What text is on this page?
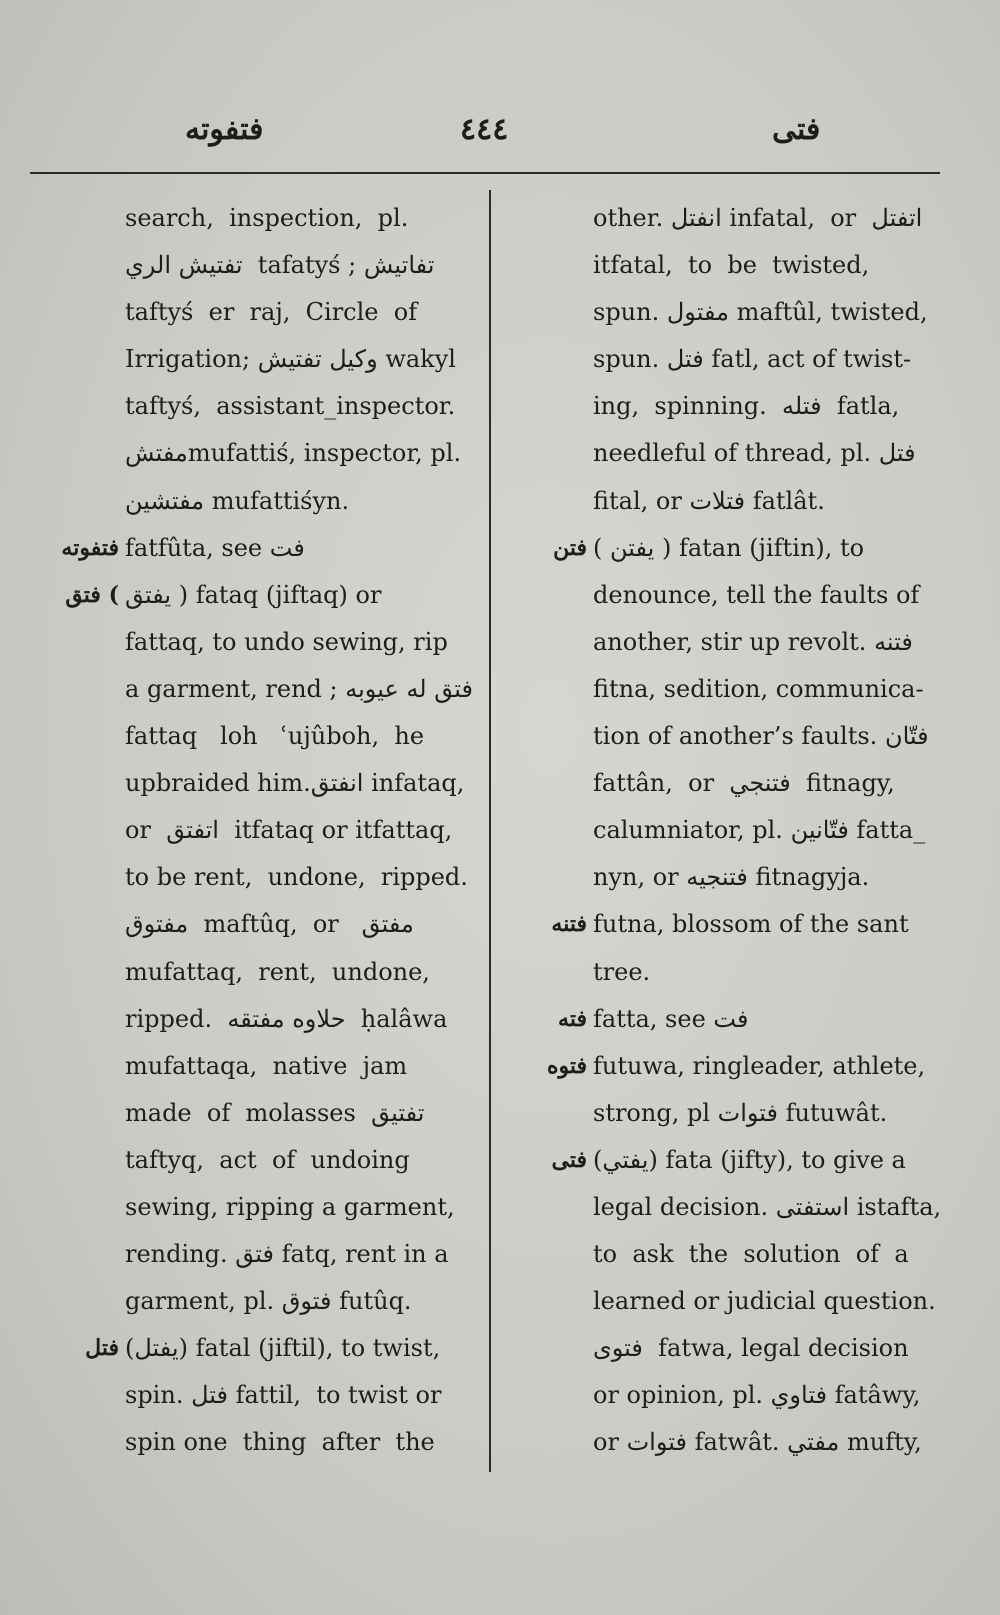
فتفوته	٤٤٤	فتى
search,  inspection,  pl.
تفتيش الري  tafatyś ; تفاتيش
taftyś  er  raj,  Circle  of
Irrigation; وكيل تفتيش wakyl
taftyś,  assistant_inspector.
مفتشmufattiś, inspector, pl.
مفتشين mufattiśyn.
فتفوته fatfûta, see فت
فتق ( يفتق ) fataq (jiftaq) or
fattaq, to undo sewing, rip
a garment, rend ; فتق له عيوبه
fattaq   loh   ʿujûboh,  he
upbraided him.انفتق infataq,
or  اتفتق  itfataq or itfattaq,
to be rent,  undone,  ripped.
مفتوق  maftûq,  or   مفتق
mufattaq,  rent,  undone,
ripped.  حلاوه مفتقه  ḥalâwa
mufattaqa,  native  jam
made  of  molasses  تفتيق
taftyq,  act  of  undoing
sewing, ripping a garment,
rending. فتق fatq, rent in a
garment, pl. فتوق futûq.
فتل (يفتل) fatal (jiftil), to twist,
spin. فتل fattil,  to twist or
spin one  thing  after  the
other. انفتل infatal,  or  اتفتل
itfatal,  to  be  twisted,
spun. مفتول maftûl, twisted,
spun. فتل fatl, act of twist-
ing,  spinning.  فتله  fatla,
needleful of thread, pl. فتل
fital, or فتلات fatlât.
فتن ( يفتن ) fatan (jiftin), to
denounce, tell the faults of
another, stir up revolt. فتنه
fitna, sedition, communica-
tion of another’s faults. فتّان
fattân,  or  فتنجي  fitnagy,
calumniator, pl. فتّانين fatta_
nyn, or فتنجيه fitnagyja.
فتنه futna, blossom of the sant
tree.
فته fatta, see فت
فتوه futuwa, ringleader, athlete,
strong, pl فتوات futuwât.
فتى (يفتي) fata (jifty), to give a
legal decision. استفتى istafta,
to  ask  the  solution  of  a
learned or judicial question.
فتوى  fatwa, legal decision
or opinion, pl. فتاوي fatâwy,
or فتوات fatwât. مفتي mufty,
